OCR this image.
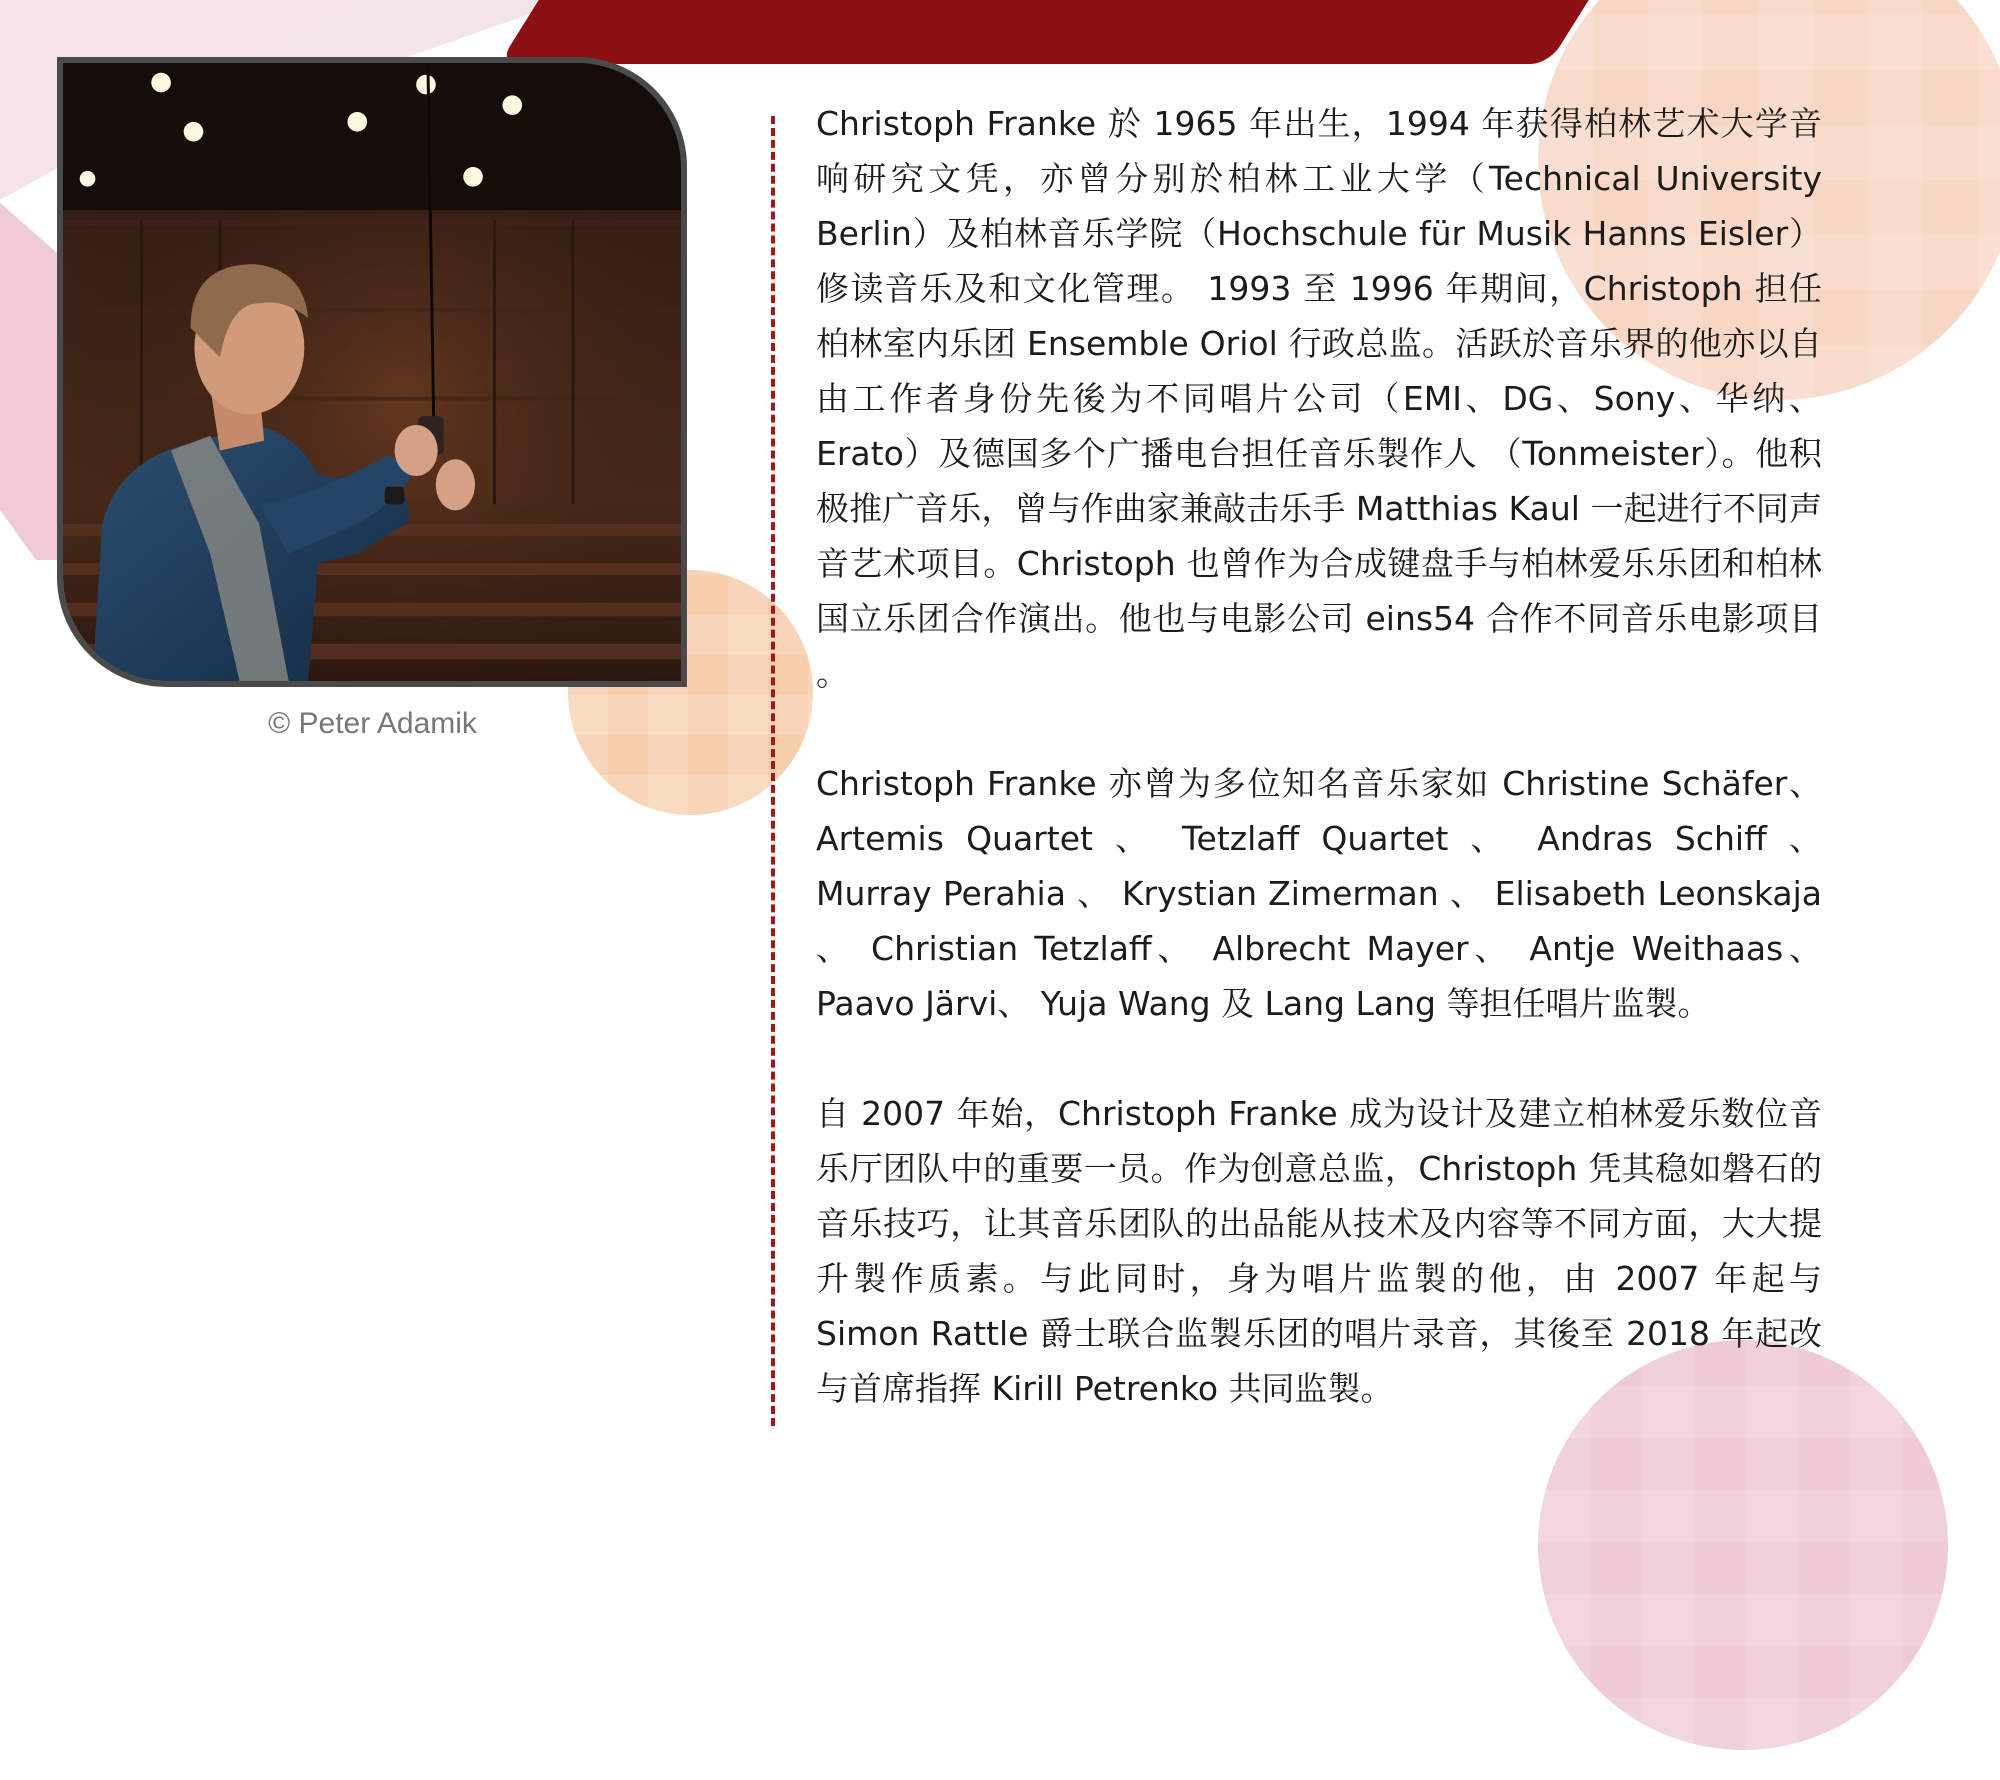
© Peter Adamik

Christoph Franke 於 1965 年出生，1994 年获得柏林艺术大学音响研究文凭，亦曾分别於柏林工业大学（Technical University Berlin）及柏林音乐学院（Hochschule für Musik Hanns Eisler）修读音乐及和文化管理。 1993 至 1996 年期间，Christoph 担任柏林室内乐团 Ensemble Oriol 行政总监。活跃於音乐界的他亦以自由工作者身份先後为不同唱片公司（EMI、DG、Sony、华纳、Erato）及德国多个广播电台担任音乐製作人 （Tonmeister）。他积极推广音乐，曾与作曲家兼敲击乐手 Matthias Kaul 一起进行不同声音艺术项目。Christoph 也曾作为合成键盘手与柏林爱乐乐团和柏林国立乐团合作演出。他也与电影公司 eins54 合作不同音乐电影项目 。

Christoph Franke 亦曾为多位知名音乐家如 Christine Schäfer、Artemis Quartet 、 Tetzlaff Quartet 、 Andras Schiff 、 Murray Perahia 、 Krystian Zimerman 、 Elisabeth Leonskaja 、 Christian Tetzlaff、 Albrecht Mayer、 Antje Weithaas、 Paavo Järvi、 Yuja Wang 及 Lang Lang 等担任唱片监製。

自 2007 年始，Christoph Franke 成为设计及建立柏林爱乐数位音乐厅团队中的重要一员。作为创意总监，Christoph 凭其稳如磐石的音乐技巧，让其音乐团队的出品能从技术及内容等不同方面，大大提升製作质素。与此同时，身为唱片监製的他，由 2007 年起与 Simon Rattle 爵士联合监製乐团的唱片录音，其後至 2018 年起改与首席指挥 Kirill Petrenko 共同监製。
